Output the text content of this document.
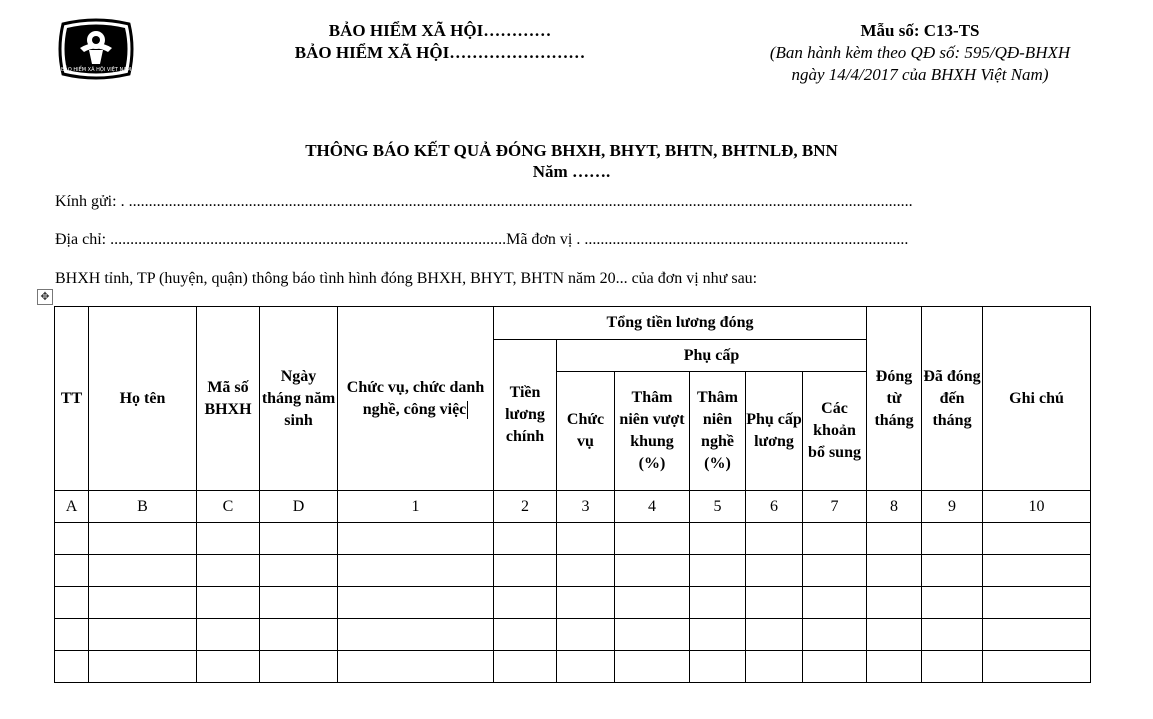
BẢO HIỂM XÃ HỘI VIỆT NAM
BẢO HIỂM XÃ HỘI…………
BẢO HIỂM XÃ HỘI……………………
Mẫu số: C13-TS
(Ban hành kèm theo QĐ số: 595/QĐ-BHXH
ngày 14/4/2017 của BHXH Việt Nam)
THÔNG BÁO KẾT QUẢ ĐÓNG BHXH, BHYT, BHTN, BHTNLĐ, BNN
Năm …….
Kính gửi: . ....................................................................................................................................................................................................
Địa chỉ: ...................................................................................................Mã đơn vị . .................................................................................
BHXH tỉnh, TP (huyện, quận) thông báo tình hình đóng BHXH, BHYT, BHTN năm 20... của đơn vị như sau:
✥
TT	Họ tên	Mã số BHXH	Ngày tháng năm sinh	Chức vụ, chức danh nghề, công việc	Tổng tiền lương đóng						Đóng từ tháng	Đã đóng đến tháng	Ghi chú
					Tiền lương chính	Phụ cấp							
						Chức vụ	Thâm niên vượt khung (%)	Thâm niên nghề (%)	Phụ cấp lương	Các khoản bổ sung			
A	B	C	D	1	2	3	4	5	6	7	8	9	10
